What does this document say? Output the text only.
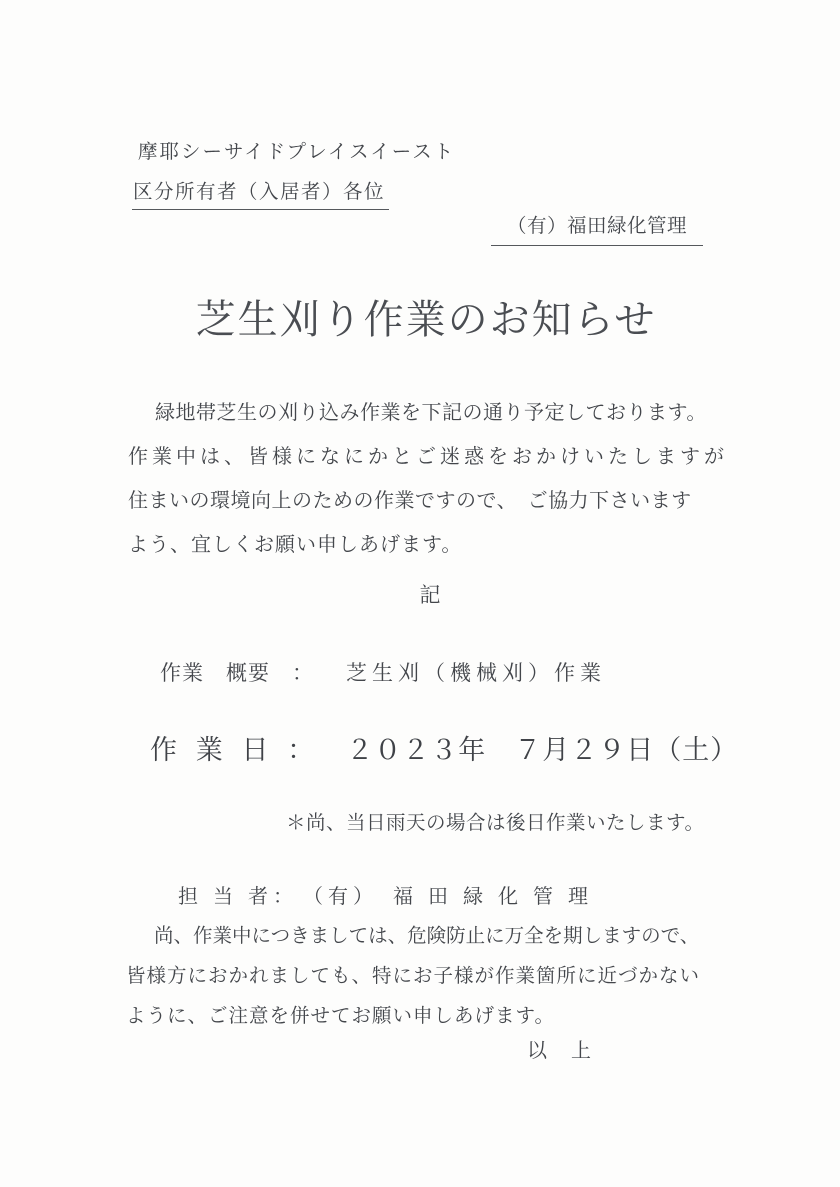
摩耶シーサイドプレイスイースト
区分所有者（入居者）各位
（有）福田緑化管理
芝生刈り作業のお知らせ
緑地帯芝生の刈り込み作業を下記の通り予定しております。
作業中は、皆様になにかとご迷惑をおかけいたしますが
住まいの環境向上のための作業ですので、　ご協力下さいます
よう、宜しくお願い申しあげます。
記
作業　概要　： 芝生刈（機械刈）作業
作 業 日 ： ２０２３年　７月２９日（土）
＊尚、当日雨天の場合は後日作業いたします。
担 当 者：　（有）　福 田 緑 化 管 理
尚、作業中につきましては、危険防止に万全を期しますので、
皆様方におかれましても、特にお子様が作業箇所に近づかない
ように、ご注意を併せてお願い申しあげます。
以　上
